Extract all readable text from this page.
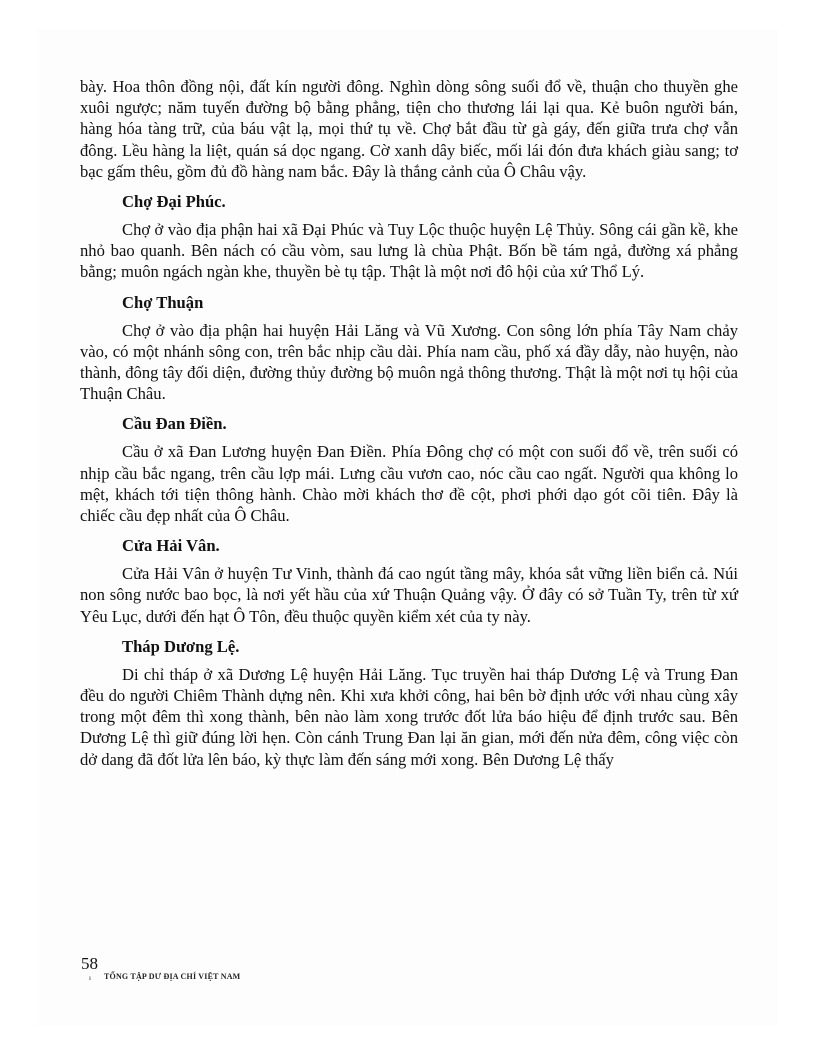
bày. Hoa thôn đồng nội, đất kín người đông. Nghìn dòng sông suối đổ về, thuận cho thuyền ghe xuôi ngược; năm tuyến đường bộ bằng phẳng, tiện cho thương lái lại qua. Kẻ buôn người bán, hàng hóa tàng trữ, của báu vật lạ, mọi thứ tụ về. Chợ bắt đầu từ gà gáy, đến giữa trưa chợ vẫn đông. Lều hàng la liệt, quán sá dọc ngang. Cờ xanh dây biếc, mối lái đón đưa khách giàu sang; tơ bạc gấm thêu, gồm đủ đồ hàng nam bắc. Đây là thắng cảnh của Ô Châu vậy.

Chợ Đại Phúc.

Chợ ở vào địa phận hai xã Đại Phúc và Tuy Lộc thuộc huyện Lệ Thủy. Sông cái gần kề, khe nhỏ bao quanh. Bên nách có cầu vòm, sau lưng là chùa Phật. Bốn bề tám ngả, đường xá phẳng bằng; muôn ngách ngàn khe, thuyền bè tụ tập. Thật là một nơi đô hội của xứ Thổ Lý.

Chợ Thuận

Chợ ở vào địa phận hai huyện Hải Lăng và Vũ Xương. Con sông lớn phía Tây Nam chảy vào, có một nhánh sông con, trên bắc nhịp cầu dài. Phía nam cầu, phố xá đầy dẫy, nào huyện, nào thành, đông tây đối diện, đường thủy đường bộ muôn ngả thông thương. Thật là một nơi tụ hội của Thuận Châu.

Cầu Đan Điền.

Cầu ở xã Đan Lương huyện Đan Điền. Phía Đông chợ có một con suối đổ về, trên suối có nhịp cầu bắc ngang, trên cầu lợp mái. Lưng cầu vươn cao, nóc cầu cao ngất. Người qua không lo mệt, khách tới tiện thông hành. Chào mời khách thơ đề cột, phơi phới dạo gót cõi tiên. Đây là chiếc cầu đẹp nhất của Ô Châu.

Cửa Hải Vân.

Cửa Hải Vân ở huyện Tư Vinh, thành đá cao ngút tầng mây, khóa sắt vững liền biển cả. Núi non sông nước bao bọc, là nơi yết hầu của xứ Thuận Quảng vậy. Ở đây có sở Tuần Ty, trên từ xứ Yêu Lục, dưới đến hạt Ô Tôn, đều thuộc quyền kiểm xét của ty này.

Tháp Dương Lệ.

Di chỉ tháp ở xã Dương Lệ huyện Hải Lăng. Tục truyền hai tháp Dương Lệ và Trung Đan đều do người Chiêm Thành dựng nên. Khi xưa khởi công, hai bên bờ định ước với nhau cùng xây trong một đêm thì xong thành, bên nào làm xong trước đốt lửa báo hiệu để định trước sau. Bên Dương Lệ thì giữ đúng lời hẹn. Còn cánh Trung Đan lại ăn gian, mới đến nửa đêm, công việc còn dở dang đã đốt lửa lên báo, kỳ thực làm đến sáng mới xong. Bên Dương Lệ thấy

58
ı TỔNG TẬP DƯ ĐỊA CHÍ VIỆT NAM
